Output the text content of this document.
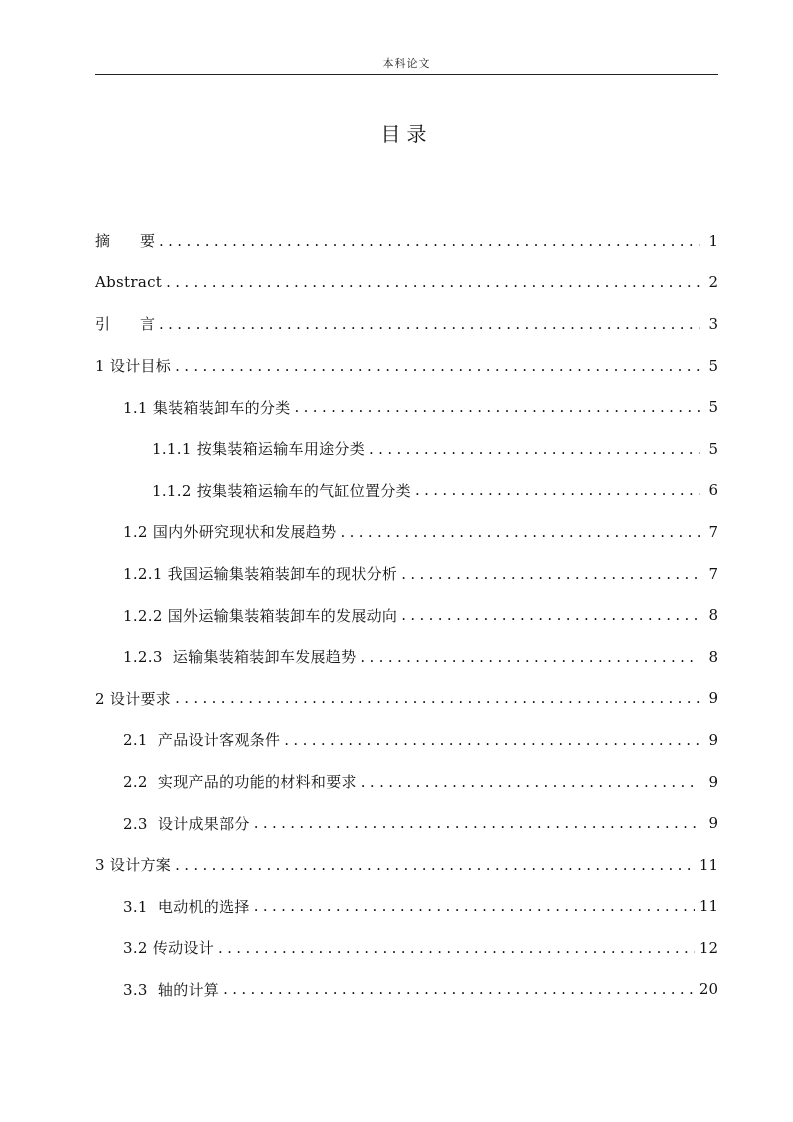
本科论文
目录
摘 要 . . .	1
Abstract . . .	2
引 言 . . .	3
1 设计目标 . . .	5
1.1 集装箱装卸车的分类 . . .	5
1.1.1 按集装箱运输车用途分类 . . .	5
1.1.2 按集装箱运输车的气缸位置分类 . . .	6
1.2 国内外研究现状和发展趋势 . . .	7
1.2.1 我国运输集装箱装卸车的现状分析 . . .	7
1.2.2 国外运输集装箱装卸车的发展动向 . . .	8
1.2.3  运输集装箱装卸车发展趋势 . . .	8
2 设计要求 . . .	9
2.1  产品设计客观条件 . . .	9
2.2  实现产品的功能的材料和要求 . . .	9
2.3  设计成果部分 . . .	9
3 设计方案 . . .	11
3.1  电动机的选择 . . .	11
3.2 传动设计 . . .	12
3.3  轴的计算 . . .	20
